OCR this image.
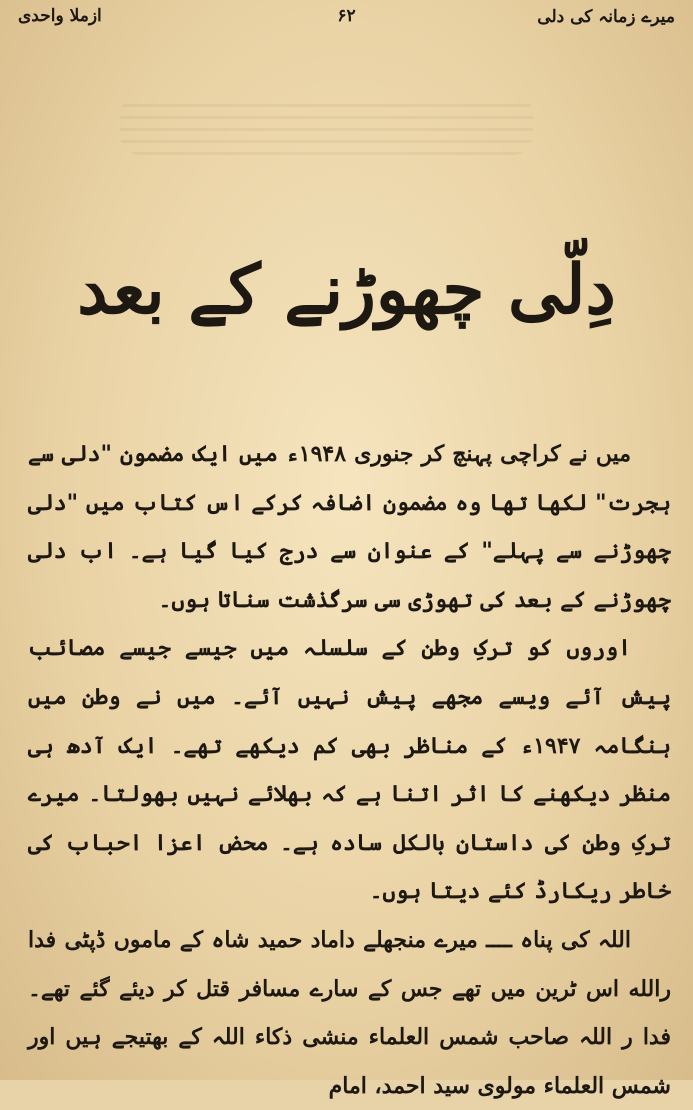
میرے زمانہ کی دلی
۶۲
ازملا واحدی
دِلّی چھوڑنے کے بعد

میں نے کراچی پہنچ کر جنوری ۱۹۴۸ء میں ایک مضمون "دلی سے ہجرت" لکھا تھا وہ مضمون اضافہ کرکے اس کتاب میں "دلی چھوڑنے سے پہلے" کے عنوان سے درج کیا گیا ہے۔ اب دلی چھوڑنے کے بعد کی تھوڑی سی سرگذشت سناتا ہوں۔

اوروں کو ترکِ وطن کے سلسلہ میں جیسے جیسے مصائب پیش آئے ویسے مجھے پیش نہیں آئے۔ میں نے وطن میں ہنگامہ ۱۹۴۷ء کے مناظر بھی کم دیکھے تھے۔ ایک آدھ ہی منظر دیکھنے کا اثر اتنا ہے کہ بھلائے نہیں بھولتا۔ میرے ترکِ وطن کی داستان بالکل سادہ ہے۔ محض اعزا احباب کی خاطر ریکارڈ کئے دیتا ہوں۔

اللہ کی پناہ ــــ میرے منجھلے داماد حمید شاہ کے ماموں ڈپٹی فدا رالله اس ٹرین میں تھے جس کے سارے مسافر قتل کر دیئے گئے تھے۔ فدا ر اللہ صاحب شمس العلماء منشی ذکاء اللہ کے بھتیجے ہیں اور شمس العلماء مولوی سید احمد، امام
